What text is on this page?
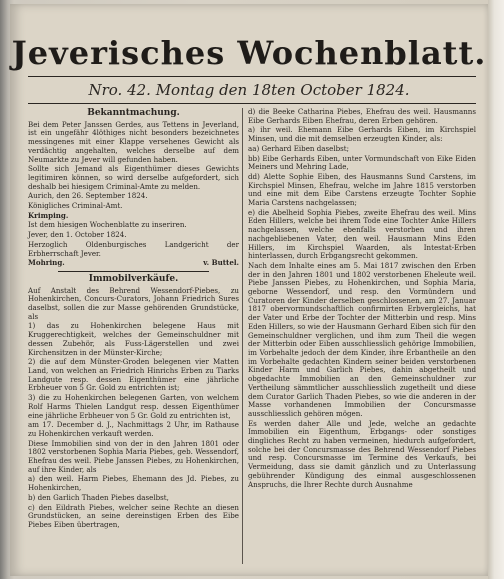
Jeverisches Wochenblatt.
Nro. 42. Montag den 18ten October 1824.
Bekanntmachung.

Bei dem Peter Janssen Gerdes, aus Tettens in Jeverland, ist ein ungefähr 4löthiges nicht besonders bezeichnetes messingenes mit einer Klappe versehenes Gewicht als verdächtig angehalten, welches derselbe auf dem Neumarkte zu Jever will gefunden haben.

Sollte sich Jemand als Eigenthümer dieses Gewichts legitimiren können, so wird derselbe aufgefordert, sich deshalb bei hiesigem Criminal-Amte zu melden.

Aurich, den 26. September 1824.

Königliches Criminal-Amt.

Krimping.

Ist dem hiesigen Wochenblatte zu inseriren.

Jever, den 1. October 1824.

Herzoglich Oldenburgisches Landgericht der Erbherrschaft Jever.

Mohring.	v. Buttel.

Immobilverkäufe.

Auf Anstalt des Behrend Wessendorf-Piebes, zu Hohenkirchen, Concurs-Curators, Johann Friedrich Sures daselbst, sollen die zur Masse gehörenden Grundstücke, als

1) das zu Hohenkirchen belegene Haus mit Kruggerechtigkeit, welches der Gemeinschuldner mit dessen Zubehör, als Fuss-Lägerstellen und zwei Kirchensitzen in der Münster-Kirche;

2) die auf dem Münster-Groden belegenen vier Matten Land, von welchen an Friedrich Hinrichs Erben zu Tiarks Landgute resp. dessen Eigenthümer eine jährliche Erbheuer von 5 Gr. Gold zu entrichten ist;

3) die zu Hohenkirchen belegenen Garten, von welchem Rolf Harms Thielen Landgut resp. dessen Eigenthümer eine jährliche Erbheuer von 5 Gr. Gold zu entrichten ist,

am 17. December d. J., Nachmittags 2 Uhr, im Rathause zu Hohenkirchen verkauft werden.

Diese Immobilien sind von der in den Jahren 1801 oder 1802 verstorbenen Sophia Maria Piebes, geb. Wessendorf, Ehefrau des weil. Piebe Janssen Piebes, zu Hohenkirchen, auf ihre Kinder, als

a) den weil. Harm Piebes, Ehemann des Jd. Piebes, zu Hohenkirchen,

b) den Garlich Thaden Piebes daselbst,

c) den Eildrath Piebes, welcher seine Rechte an diesen Grundstücken, an seine dereinstigen Erben des Eibe Piebes Eiben übertragen,

d) die Beeke Catharina Piebes, Ehefrau des weil. Hausmanns Eibe Gerhards Eiben Ehefrau, deren Erben gehören.

a) ihr weil. Ehemann Eibe Gerhards Eiben, im Kirchspiel Minsen, und die mit demselben erzeugten Kinder, als:

aa) Gerhard Eiben daselbst;

bb) Eibe Gerhards Eiben, unter Vormundschaft von Eike Eiden Meiners und Mehring Lade,

dd) Alette Sophie Eiben, des Hausmanns Sund Carstens, im Kirchspiel Minsen, Ehefrau, welche im Jahre 1815 verstorben und eine mit dem Eibe Carstens erzeugte Tochter Sophie Maria Carstens nachgelassen;

e) die Abelheid Sophia Piebes, zweite Ehefrau des weil. Mins Eden Hillers, welche bei ihrem Tode eine Tochter Anke Hillers nachgelassen, welche ebenfalls verstorben und ihren nachgebliebenen Vater, den weil. Hausmann Mins Eden Hillers, im Kirchspiel Waarden, als Intestat-Erben hinterlassen, durch Erbgangsrecht gekommen.

Nach dem Inhalte eines am 5. Mai 1817 zwischen den Erben der in den Jahren 1801 und 1802 verstorbenen Eheleute weil. Piebe Janssen Piebes, zu Hohenkirchen, und Sophia Maria, geborne Wessendorf, und resp. den Vormündern und Curatoren der Kinder derselben geschlossenen, am 27. Januar 1817 obervormundschaftlich confirmirten Erbvergleichs, hat der Vater und Erbe der Tochter der Mitterbin und resp. Mins Eden Hillers, so wie der Hausmann Gerhard Eiben sich für den Gemeinschuldner verglichen, und ihm zum Theil die wegen der Mitterbin oder Eiben ausschliesslich gehörige Immobilien, im Vorbehalte jedoch der dem Kinder, ihre Erbantheile an den im Vorbehalte gedachten Kindern seiner beiden verstorbenen Kinder Harm und Garlich Piebes, dahin abgetheilt und obgedachte Immobilien an den Gemeinschuldner zur Vertheilung sämmtlicher ausschliesslich zugetheilt und diese dem Curator Garlich Thaden Piebes, so wie die anderen in der Masse vorhandenen Immobilien der Concursmasse ausschliesslich gehören mögen.

Es werden daher Alle und Jede, welche an gedachte Immobilien ein Eigenthum, Erbgangs- oder sonstiges dingliches Recht zu haben vermeinen, hiedurch aufgefordert, solche bei der Concursmasse des Behrend Wessendorf Piebes und resp. Concursmasse im Termine des Verkaufs, bei Vermeidung, dass sie damit gänzlich und zu Unterlassung gebührender Kündigung des einmal ausgeschlossenen Anspruchs, die Ihrer Rechte durch Ausnahme
